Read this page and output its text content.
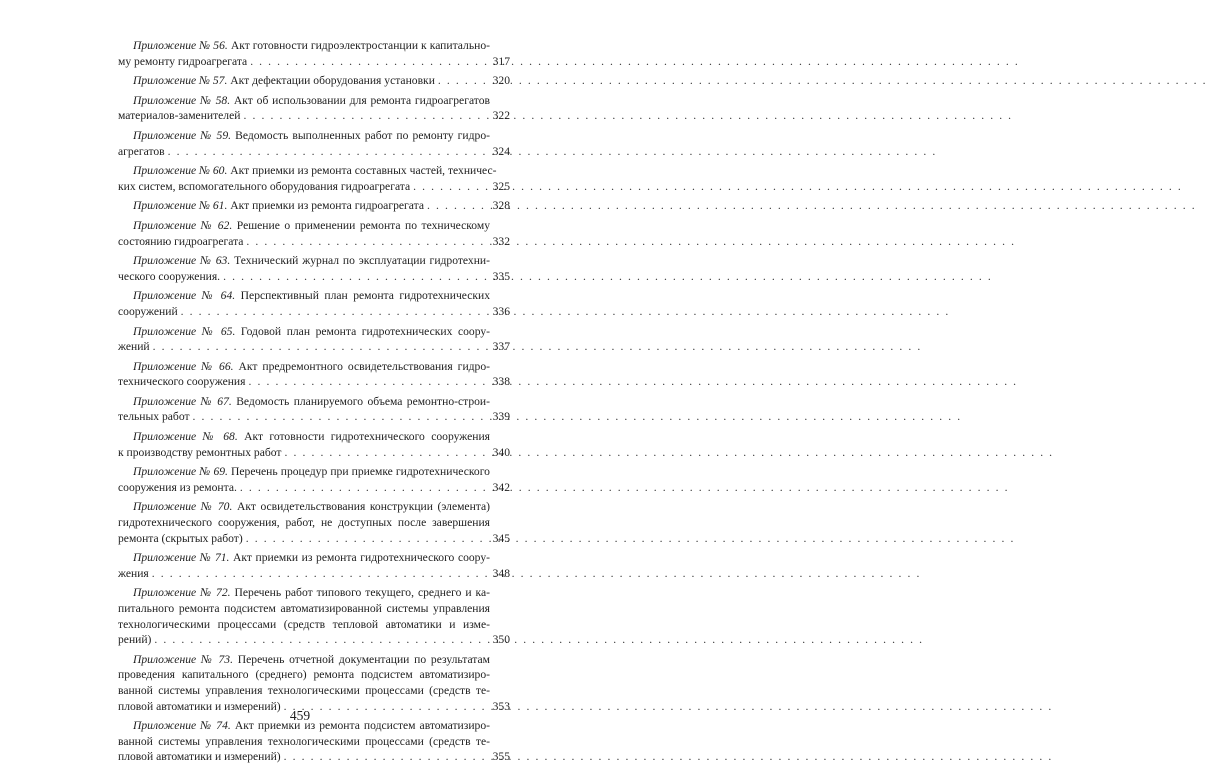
Приложение № 56. Акт готовности гидроэлектростанции к капитально-
му ремонту гидроагрегата . . .	317
Приложение № 57. Акт дефектации оборудования установки . . .	320
Приложение № 58. Акт об использовании для ремонта гидроагрегатов
материалов-заменителей . . .	322
Приложение № 59. Ведомость выполненных работ по ремонту гидро-
агрегатов . . .	324
Приложение № 60. Акт приемки из ремонта составных частей, техничес-
ких систем, вспомогательного оборудования гидроагрегата . . .	325
Приложение № 61. Акт приемки из ремонта гидроагрегата . . .	328
Приложение № 62. Решение о применении ремонта по техническому
состоянию гидроагрегата . . .	332
Приложение № 63. Технический журнал по эксплуатации гидротехни-
ческого сооружения. . . .	335
Приложение № 64. Перспективный план ремонта гидротехнических
сооружений . . .	336
Приложение № 65. Годовой план ремонта гидротехнических соору-
жений . . .	337
Приложение № 66. Акт предремонтного освидетельствования гидро-
технического сооружения . . .	338
Приложение № 67. Ведомость планируемого объема ремонтно-строи-
тельных работ . . .	339
Приложение № 68. Акт готовности гидротехнического сооружения
к производству ремонтных работ . . .	340
Приложение № 69. Перечень процедур при приемке гидротехнического
сооружения из ремонта. . . .	342
Приложение № 70. Акт освидетельствования конструкции (элемента)
гидротехнического сооружения, работ, не доступных после завершения
ремонта (скрытых работ) . . .	345
Приложение № 71. Акт приемки из ремонта гидротехнического соору-
жения . . .	348
Приложение № 72. Перечень работ типового текущего, среднего и ка-
питального ремонта подсистем автоматизированной системы управления
технологическими процессами (средств тепловой автоматики и изме-
рений) . . .	350
Приложение № 73. Перечень отчетной документации по результатам
проведения капитального (среднего) ремонта подсистем автоматизиро-
ванной системы управления технологическими процессами (средств те-
пловой автоматики и измерений) . . .	353
Приложение № 74. Акт приемки из ремонта подсистем автоматизиро-
ванной системы управления технологическими процессами (средств те-
пловой автоматики и измерений) . . .	355
459
